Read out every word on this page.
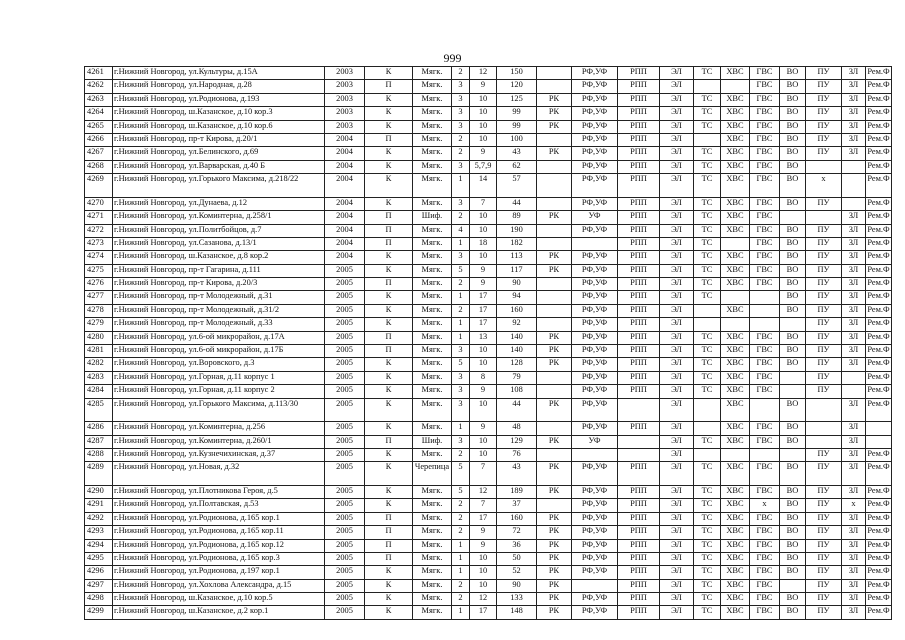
999
4261	г.Нижний Новгород, ул.Культуры, д.15А	2003	К	Мягк.	2	12	150		РФ,УФ	РПП	ЭЛ	ТС	ХВС	ГВС	ВО	ПУ	ЗЛ	Рем.Ф
4262	г.Нижний Новгород, ул.Народная, д.28	2003	П	Мягк.	3	9	120		РФ,УФ	РПП	ЭЛ			ГВС	ВО	ПУ	ЗЛ	Рем.Ф
4263	г.Нижний Новгород, ул.Родионова, д.193	2003	К	Мягк.	3	10	125	РК	РФ,УФ	РПП	ЭЛ	ТС	ХВС	ГВС	ВО	ПУ	ЗЛ	Рем.Ф
4264	г.Нижний Новгород, ш.Казанское, д.10 кор.3	2003	К	Мягк.	3	10	99	РК	РФ,УФ	РПП	ЭЛ	ТС	ХВС	ГВС	ВО	ПУ	ЗЛ	Рем.Ф
4265	г.Нижний Новгород, ш.Казанское, д.10 кор.6	2003	К	Мягк.	3	10	99	РК	РФ,УФ	РПП	ЭЛ	ТС	ХВС	ГВС	ВО	ПУ	ЗЛ	Рем.Ф
4266	г.Нижний Новгород, пр-т Кирова, д.20/1	2004	П	Мягк.	2	10	100		РФ,УФ	РПП	ЭЛ		ХВС	ГВС	ВО	ПУ	ЗЛ	Рем.Ф
4267	г.Нижний Новгород, ул.Белинского, д.69	2004	К	Мягк.	2	9	43	РК	РФ,УФ	РПП	ЭЛ	ТС	ХВС	ГВС	ВО	ПУ	ЗЛ	Рем.Ф
4268	г.Нижний Новгород, ул.Варварская, д.40 Б	2004	К	Мягк.	3	5,7,9	62		РФ,УФ	РПП	ЭЛ	ТС	ХВС	ГВС	ВО			Рем.Ф
4269	г.Нижний Новгород, ул.Горького Максима, д.218/22	2004	К	Мягк.	1	14	57		РФ,УФ	РПП	ЭЛ	ТС	ХВС	ГВС	ВО	х		Рем.Ф
4270	г.Нижний Новгород, ул.Дунаева, д.12	2004	К	Мягк.	3	7	44		РФ,УФ	РПП	ЭЛ	ТС	ХВС	ГВС	ВО	ПУ		Рем.Ф
4271	г.Нижний Новгород, ул.Коминтерна, д.258/1	2004	П	Шиф.	2	10	89	РК	УФ	РПП	ЭЛ	ТС	ХВС	ГВС			ЗЛ	Рем.Ф
4272	г.Нижний Новгород, ул.Политбойцов, д.7	2004	П	Мягк.	4	10	190		РФ,УФ	РПП	ЭЛ	ТС	ХВС	ГВС	ВО	ПУ	ЗЛ	Рем.Ф
4273	г.Нижний Новгород, ул.Сазанова, д.13/1	2004	П	Мягк.	1	18	182			РПП	ЭЛ	ТС		ГВС	ВО	ПУ	ЗЛ	Рем.Ф
4274	г.Нижний Новгород, ш.Казанское, д.8 кор.2	2004	К	Мягк.	3	10	113	РК	РФ,УФ	РПП	ЭЛ	ТС	ХВС	ГВС	ВО	ПУ	ЗЛ	Рем.Ф
4275	г.Нижний Новгород, пр-т Гагарина, д.111	2005	К	Мягк.	5	9	117	РК	РФ,УФ	РПП	ЭЛ	ТС	ХВС	ГВС	ВО	ПУ	ЗЛ	Рем.Ф
4276	г.Нижний Новгород, пр-т Кирова, д.20/3	2005	П	Мягк.	2	9	90		РФ,УФ	РПП	ЭЛ	ТС	ХВС	ГВС	ВО	ПУ	ЗЛ	Рем.Ф
4277	г.Нижний Новгород, пр-т Молодежный, д.31	2005	К	Мягк.	1	17	94		РФ,УФ	РПП	ЭЛ	ТС			ВО	ПУ	ЗЛ	Рем.Ф
4278	г.Нижний Новгород, пр-т Молодежный, д.31/2	2005	К	Мягк.	2	17	160		РФ,УФ	РПП	ЭЛ		ХВС		ВО	ПУ	ЗЛ	Рем.Ф
4279	г.Нижний Новгород, пр-т Молодежный, д.33	2005	К	Мягк.	1	17	92		РФ,УФ	РПП	ЭЛ					ПУ	ЗЛ	Рем.Ф
4280	г.Нижний Новгород, ул.6-ой микрорайон, д.17А	2005	П	Мягк.	1	13	140	РК	РФ,УФ	РПП	ЭЛ	ТС	ХВС	ГВС	ВО	ПУ	ЗЛ	Рем.Ф
4281	г.Нижний Новгород, ул.6-ой микрорайон, д.17Б	2005	П	Мягк.	3	10	140	РК	РФ,УФ	РПП	ЭЛ	ТС	ХВС	ГВС	ВО	ПУ	ЗЛ	Рем.Ф
4282	г.Нижний Новгород, ул.Воровского, д.3	2005	К	Мягк.	5	10	128	РК	РФ,УФ	РПП	ЭЛ	ТС	ХВС	ГВС	ВО	ПУ	ЗЛ	Рем.Ф
4283	г.Нижний Новгород, ул.Горная, д.11 корпус 1	2005	К	Мягк.	3	8	79		РФ,УФ	РПП	ЭЛ	ТС	ХВС	ГВС		ПУ		Рем.Ф
4284	г.Нижний Новгород, ул.Горная, д.11 корпус 2	2005	К	Мягк.	3	9	108		РФ,УФ	РПП	ЭЛ	ТС	ХВС	ГВС		ПУ		Рем.Ф
4285	г.Нижний Новгород, ул.Горького Максима, д.113/30	2005	К	Мягк.	3	10	44	РК	РФ,УФ		ЭЛ		ХВС		ВО		ЗЛ	Рем.Ф
4286	г.Нижний Новгород, ул.Коминтерна, д.256	2005	К	Мягк.	1	9	48		РФ,УФ	РПП	ЭЛ		ХВС	ГВС	ВО		ЗЛ	
4287	г.Нижний Новгород, ул.Коминтерна, д.260/1	2005	П	Шиф.	3	10	129	РК	УФ		ЭЛ	ТС	ХВС	ГВС	ВО		ЗЛ	
4288	г.Нижний Новгород, ул.Кузнечихинская, д.37	2005	К	Мягк.	2	10	76				ЭЛ					ПУ	ЗЛ	Рем.Ф
4289	г.Нижний Новгород, ул.Новая, д.32	2005	К	Черепица	5	7	43	РК	РФ,УФ	РПП	ЭЛ	ТС	ХВС	ГВС	ВО	ПУ	ЗЛ	Рем.Ф
4290	г.Нижний Новгород, ул.Плотникова Героя, д.5	2005	К	Мягк.	5	12	189	РК	РФ,УФ	РПП	ЭЛ	ТС	ХВС	ГВС	ВО	ПУ	ЗЛ	Рем.Ф
4291	г.Нижний Новгород, ул.Полтавская, д.53	2005	К	Мягк.	2	7	37		РФ,УФ	РПП	ЭЛ	ТС	ХВС	х	ВО	ПУ	х	Рем.Ф
4292	г.Нижний Новгород, ул.Родионова, д.165 кор.1	2005	П	Мягк.	2	17	160	РК	РФ,УФ	РПП	ЭЛ	ТС	ХВС	ГВС	ВО	ПУ	ЗЛ	Рем.Ф
4293	г.Нижний Новгород, ул.Родионова, д.165 кор.11	2005	П	Мягк.	2	9	72	РК	РФ,УФ	РПП	ЭЛ	ТС	ХВС	ГВС	ВО	ПУ	ЗЛ	Рем.Ф
4294	г.Нижний Новгород, ул.Родионова, д.165 кор.12	2005	П	Мягк.	1	9	36	РК	РФ,УФ	РПП	ЭЛ	ТС	ХВС	ГВС	ВО	ПУ	ЗЛ	Рем.Ф
4295	г.Нижний Новгород, ул.Родионова, д.165 кор.3	2005	П	Мягк.	1	10	50	РК	РФ,УФ	РПП	ЭЛ	ТС	ХВС	ГВС	ВО	ПУ	ЗЛ	Рем.Ф
4296	г.Нижний Новгород, ул.Родионова, д.197 кор.1	2005	К	Мягк.	1	10	52	РК	РФ,УФ	РПП	ЭЛ	ТС	ХВС	ГВС	ВО	ПУ	ЗЛ	Рем.Ф
4297	г.Нижний Новгород, ул.Хохлова Александра, д.15	2005	К	Мягк.	2	10	90	РК		РПП	ЭЛ	ТС	ХВС	ГВС		ПУ	ЗЛ	Рем.Ф
4298	г.Нижний Новгород, ш.Казанское, д.10 кор.5	2005	К	Мягк.	2	12	133	РК	РФ,УФ	РПП	ЭЛ	ТС	ХВС	ГВС	ВО	ПУ	ЗЛ	Рем.Ф
4299	г.Нижний Новгород, ш.Казанское, д.2 кор.1	2005	К	Мягк.	1	17	148	РК	РФ,УФ	РПП	ЭЛ	ТС	ХВС	ГВС	ВО	ПУ	ЗЛ	Рем.Ф
